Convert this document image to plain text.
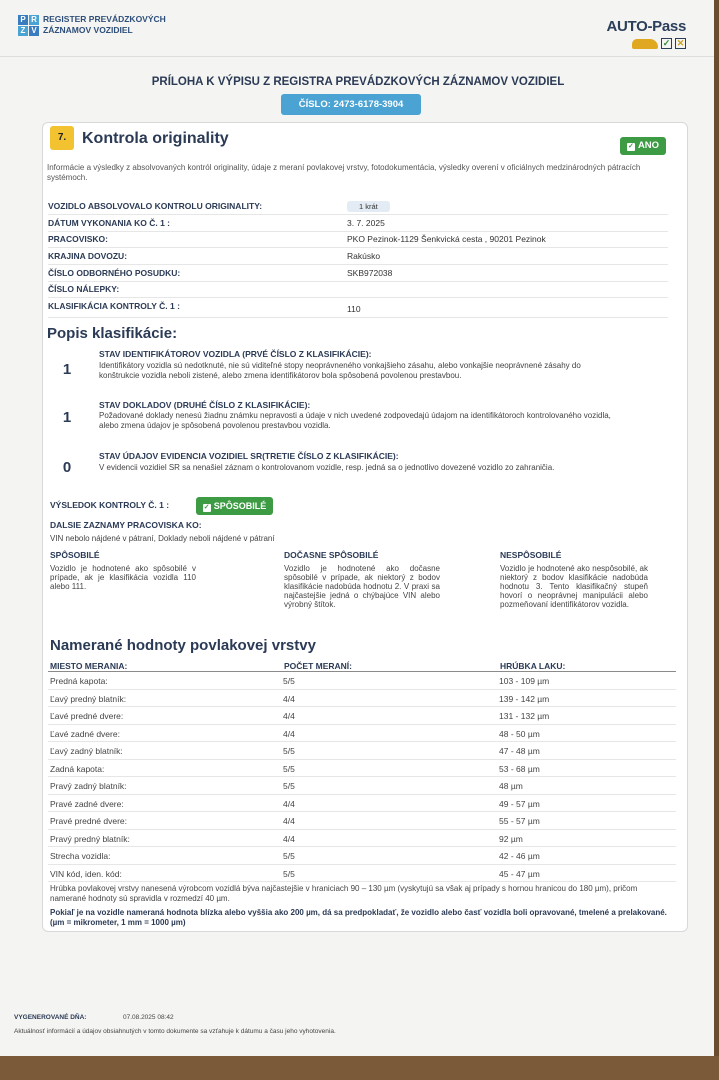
P R
Z V
REGISTER PREVÁDZKOVÝCH
ZÁZNAMOV VOZIDIEL	AUTO-Pass
✓ ✕
PRÍLOHA K VÝPISU Z REGISTRA PREVÁDZKOVÝCH ZÁZNAMOV VOZIDIEL
ČÍSLO: 2473-6178-3904
7. Kontrola originality	✓ ANO
Informácie a výsledky z absolvovaných kontról originality, údaje z meraní povlakovej vrstvy, fotodokumentácia, výsledky overení v oficiálnych medzinárodných pátracích systémoch.
VOZIDLO ABSOLVOVALO KONTROLU ORIGINALITY:	1 krát
DÁTUM VYKONANIA KO Č. 1 :	3. 7. 2025
PRACOVISKO:	PKO Pezinok-1129 Šenkvická cesta , 90201 Pezinok
KRAJINA DOVOZU:	Rakúsko
ČÍSLO ODBORNÉHO POSUDKU:	SKB972038
ČÍSLO NÁLEPKY:
KLASIFIKÁCIA KONTROLY Č. 1 :	110
Popis klasifikácie:
1
STAV IDENTIFIKÁTOROV VOZIDLA (PRVÉ ČÍSLO Z KLASIFIKÁCIE):
Identifikátory vozidla sú nedotknuté, nie sú viditeľné stopy neoprávneného vonkajšieho zásahu, alebo vonkajšie neoprávnené zásahy do konštrukcie vozidla neboli zistené, alebo zmena identifikátorov bola spôsobená povolenou prestavbou.
1
STAV DOKLADOV (DRUHÉ ČÍSLO Z KLASIFIKÁCIE):
Požadované doklady nenesú žiadnu známku nepravosti a údaje v nich uvedené zodpovedajú údajom na identifikátoroch kontrolovaného vozidla, alebo zmena údajov je spôsobená povolenou prestavbou vozidla.
0
STAV ÚDAJOV EVIDENCIA VOZIDIEL SR(TRETIE ČÍSLO Z KLASIFIKÁCIE):
V evidencii vozidiel SR sa nenašiel záznam o kontrolovanom vozidle, resp. jedná sa o jednotlivo dovezené vozidlo zo zahraničia.
VÝSLEDOK KONTROLY Č. 1 :	✓ SPÔSOBILÉ
DALSIE ZAZNAMY PRACOVISKA KO:
VIN nebolo nájdené v pátraní, Doklady neboli nájdené v pátraní
SPÔSOBILÉ
Vozidlo je hodnotené ako spôsobilé v prípade, ak je klasifikácia vozidla 110 alebo 111.
DOČASNE SPÔSOBILÉ
Vozidlo je hodnotené ako dočasne spôsobilé v prípade, ak niektorý z bodov klasifikácie nadobúda hodnotu 2. V praxi sa najčastejšie jedná o chýbajúce VIN alebo výrobný štítok.
NESPÔSOBILÉ
Vozidlo je hodnotené ako nespôsobilé, ak niektorý z bodov klasifikácie nadobúda hodnotu 3. Tento klasifikačný stupeň hovorí o neoprávnej manipulácii alebo pozmeňovaní identifikátorov vozidla.
Namerané hodnoty povlakovej vrstvy
MIESTO MERANIA:	POČET MERANÍ:	HRÚBKA LAKU:
Predná kapota:	5/5	103 - 109 µm
Ľavý predný blatník:	4/4	139 - 142 µm
Ľavé predné dvere:	4/4	131 - 132 µm
Ľavé zadné dvere:	4/4	48 - 50 µm
Ľavý zadný blatník:	5/5	47 - 48 µm
Zadná kapota:	5/5	53 - 68 µm
Pravý zadný blatník:	5/5	48 µm
Pravé zadné dvere:	4/4	49 - 57 µm
Pravé predné dvere:	4/4	55 - 57 µm
Pravý predný blatník:	4/4	92 µm
Strecha vozidla:	5/5	42 - 46 µm
VIN kód, iden. kód:	5/5	45 - 47 µm
Hrúbka povlakovej vrstvy nanesená výrobcom vozidlá býva najčastejšie v hraniciach 90 – 130 µm (vyskytujú sa však aj prípady s hornou hranicou do 180 µm), pričom namerané hodnoty sú spravidla v rozmedzí 40 µm.
Pokiaľ je na vozidle nameraná hodnota blízka alebo vyššia ako 200 µm, dá sa predpokladať, že vozidlo alebo časť vozidla boli opravované, tmelené a prelakované. (µm = mikrometer, 1 mm = 1000 µm)
VYGENEROVANÉ DŇA:	07.08.2025 08:42
Aktuálnosť informácií a údajov obsiahnutých v tomto dokumente sa vzťahuje k dátumu a času jeho vyhotovenia.
